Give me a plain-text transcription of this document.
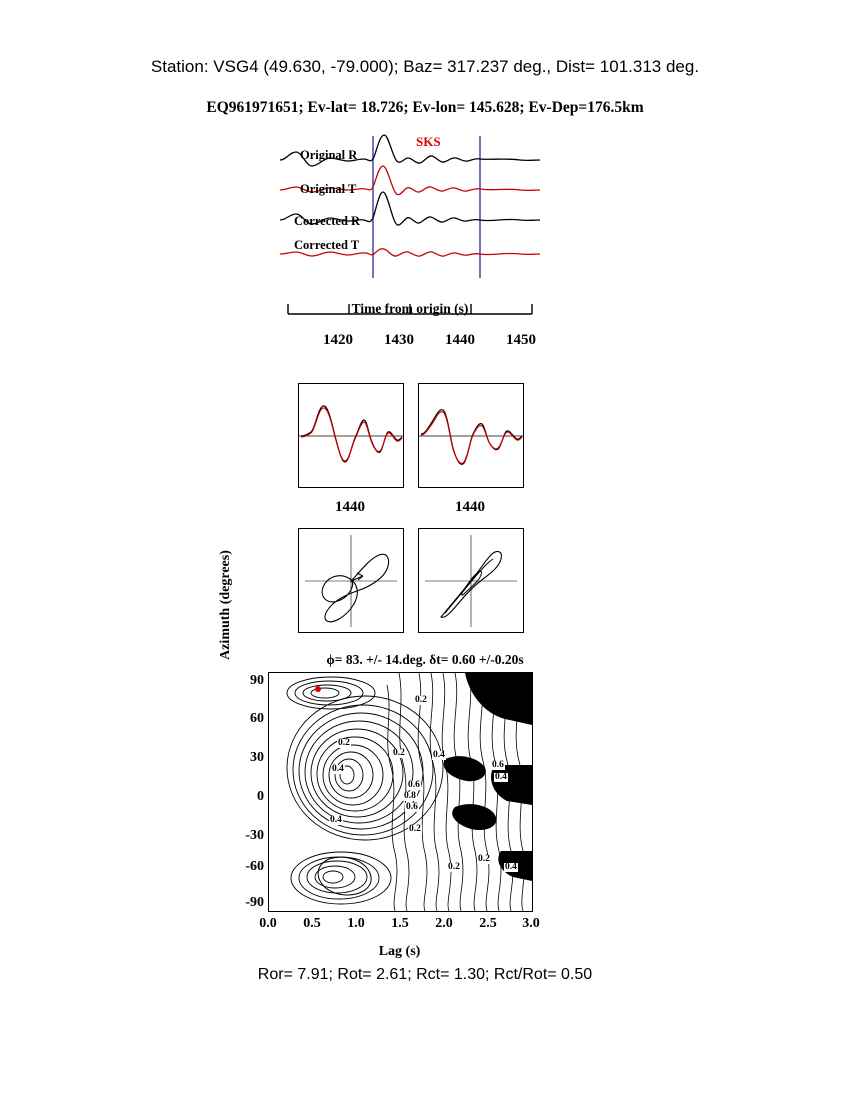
Station: VSG4 (49.630, -79.000); Baz= 317.237 deg., Dist= 101.313 deg.
EQ961971651; Ev-lat= 18.726; Ev-lon= 145.628; Ev-Dep=176.5km
Original R
Original T
Corrected R
Corrected T
SKS
Time from origin (s)
1420	1430	1440	1450
1440	1440
ϕ= 83. +/- 14.deg. δt= 0.60 +/-0.20s
Azimuth (degrees)
90
60
30
0
-30
-60
-90
0.2
0.2
0.2	0.4
0.4	0.6
0.4
0.6
0.8
0.6
0.4
0.2
0.2
0.2	0.4
0.0	0.5	1.0	1.5	2.0	2.5	3.0
Lag (s)
Ror= 7.91; Rot= 2.61; Rct= 1.30; Rct/Rot= 0.50
